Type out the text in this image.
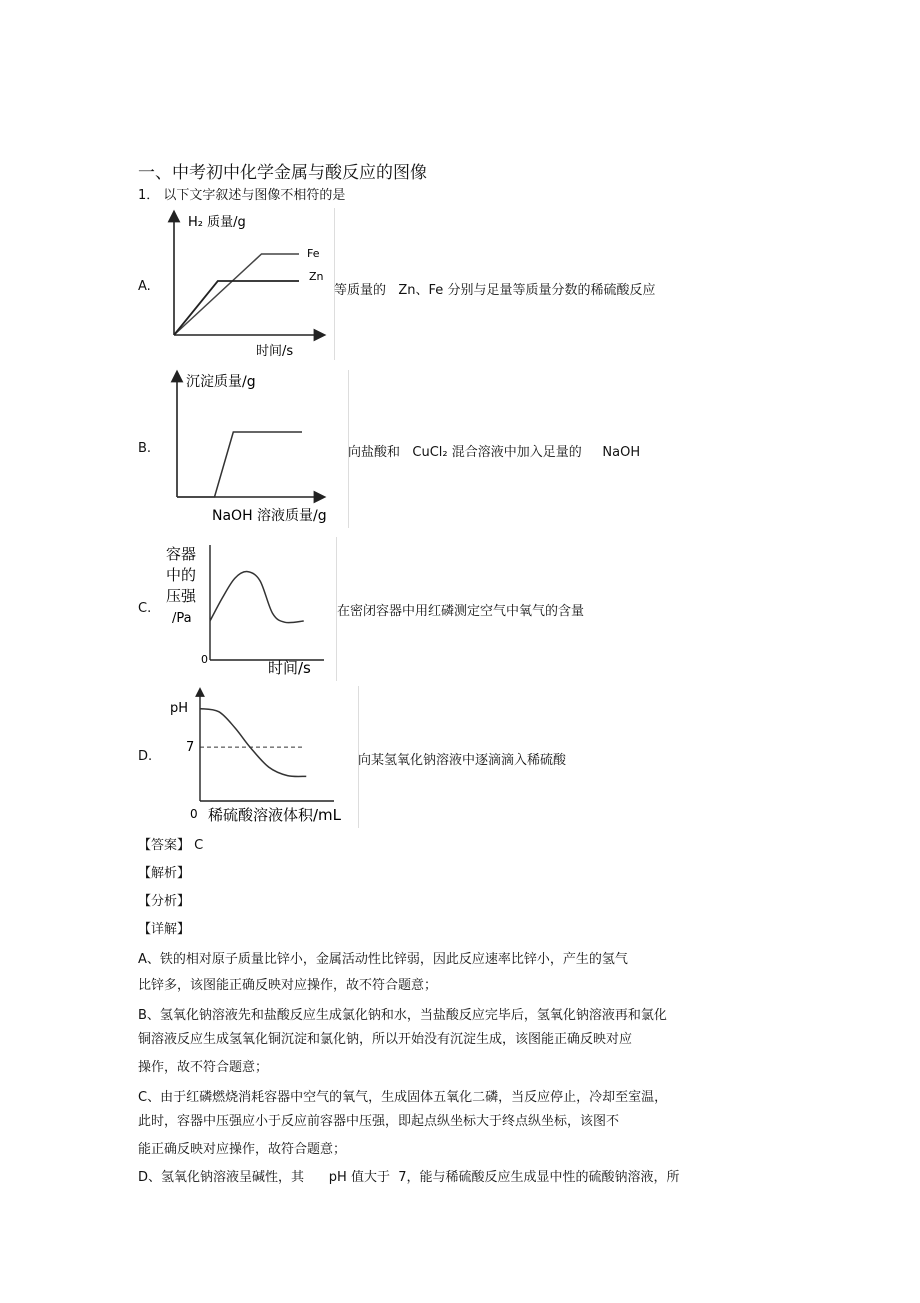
一、中考初中化学金属与酸反应的图像
1． 以下文字叙述与图像不相符的是
A.
H₂ 质量/g
时间/s
Fe
Zn
等质量的   Zn、Fe 分别与足量等质量分数的稀硫酸反应
B.
沉淀质量/g
NaOH 溶液质量/g
向盐酸和   CuCl₂ 混合溶液中加入足量的     NaOH
C.
容器
中的
压强
/Pa
0	时间/s
在密闭容器中用红磷测定空气中氧气的含量
D.
pH
7
0 稀硫酸溶液体积/mL
向某氢氧化钠溶液中逐滴滴入稀硫酸
【答案】 C
【解析】
【分析】
【详解】
A、铁的相对原子质量比锌小，金属活动性比锌弱，因此反应速率比锌小，产生的氢气
比锌多，该图能正确反映对应操作，故不符合题意；
B、氢氧化钠溶液先和盐酸反应生成氯化钠和水，当盐酸反应完毕后，氢氧化钠溶液再和氯化
铜溶液反应生成氢氧化铜沉淀和氯化钠，所以开始没有沉淀生成，该图能正确反映对应
操作，故不符合题意；
C、由于红磷燃烧消耗容器中空气的氧气，生成固体五氧化二磷，当反应停止，冷却至室温，
此时，容器中压强应小于反应前容器中压强，即起点纵坐标大于终点纵坐标，该图不
能正确反映对应操作，故符合题意；
D、氢氧化钠溶液呈碱性，其      pH 值大于  7，能与稀硫酸反应生成显中性的硫酸钠溶液，所
